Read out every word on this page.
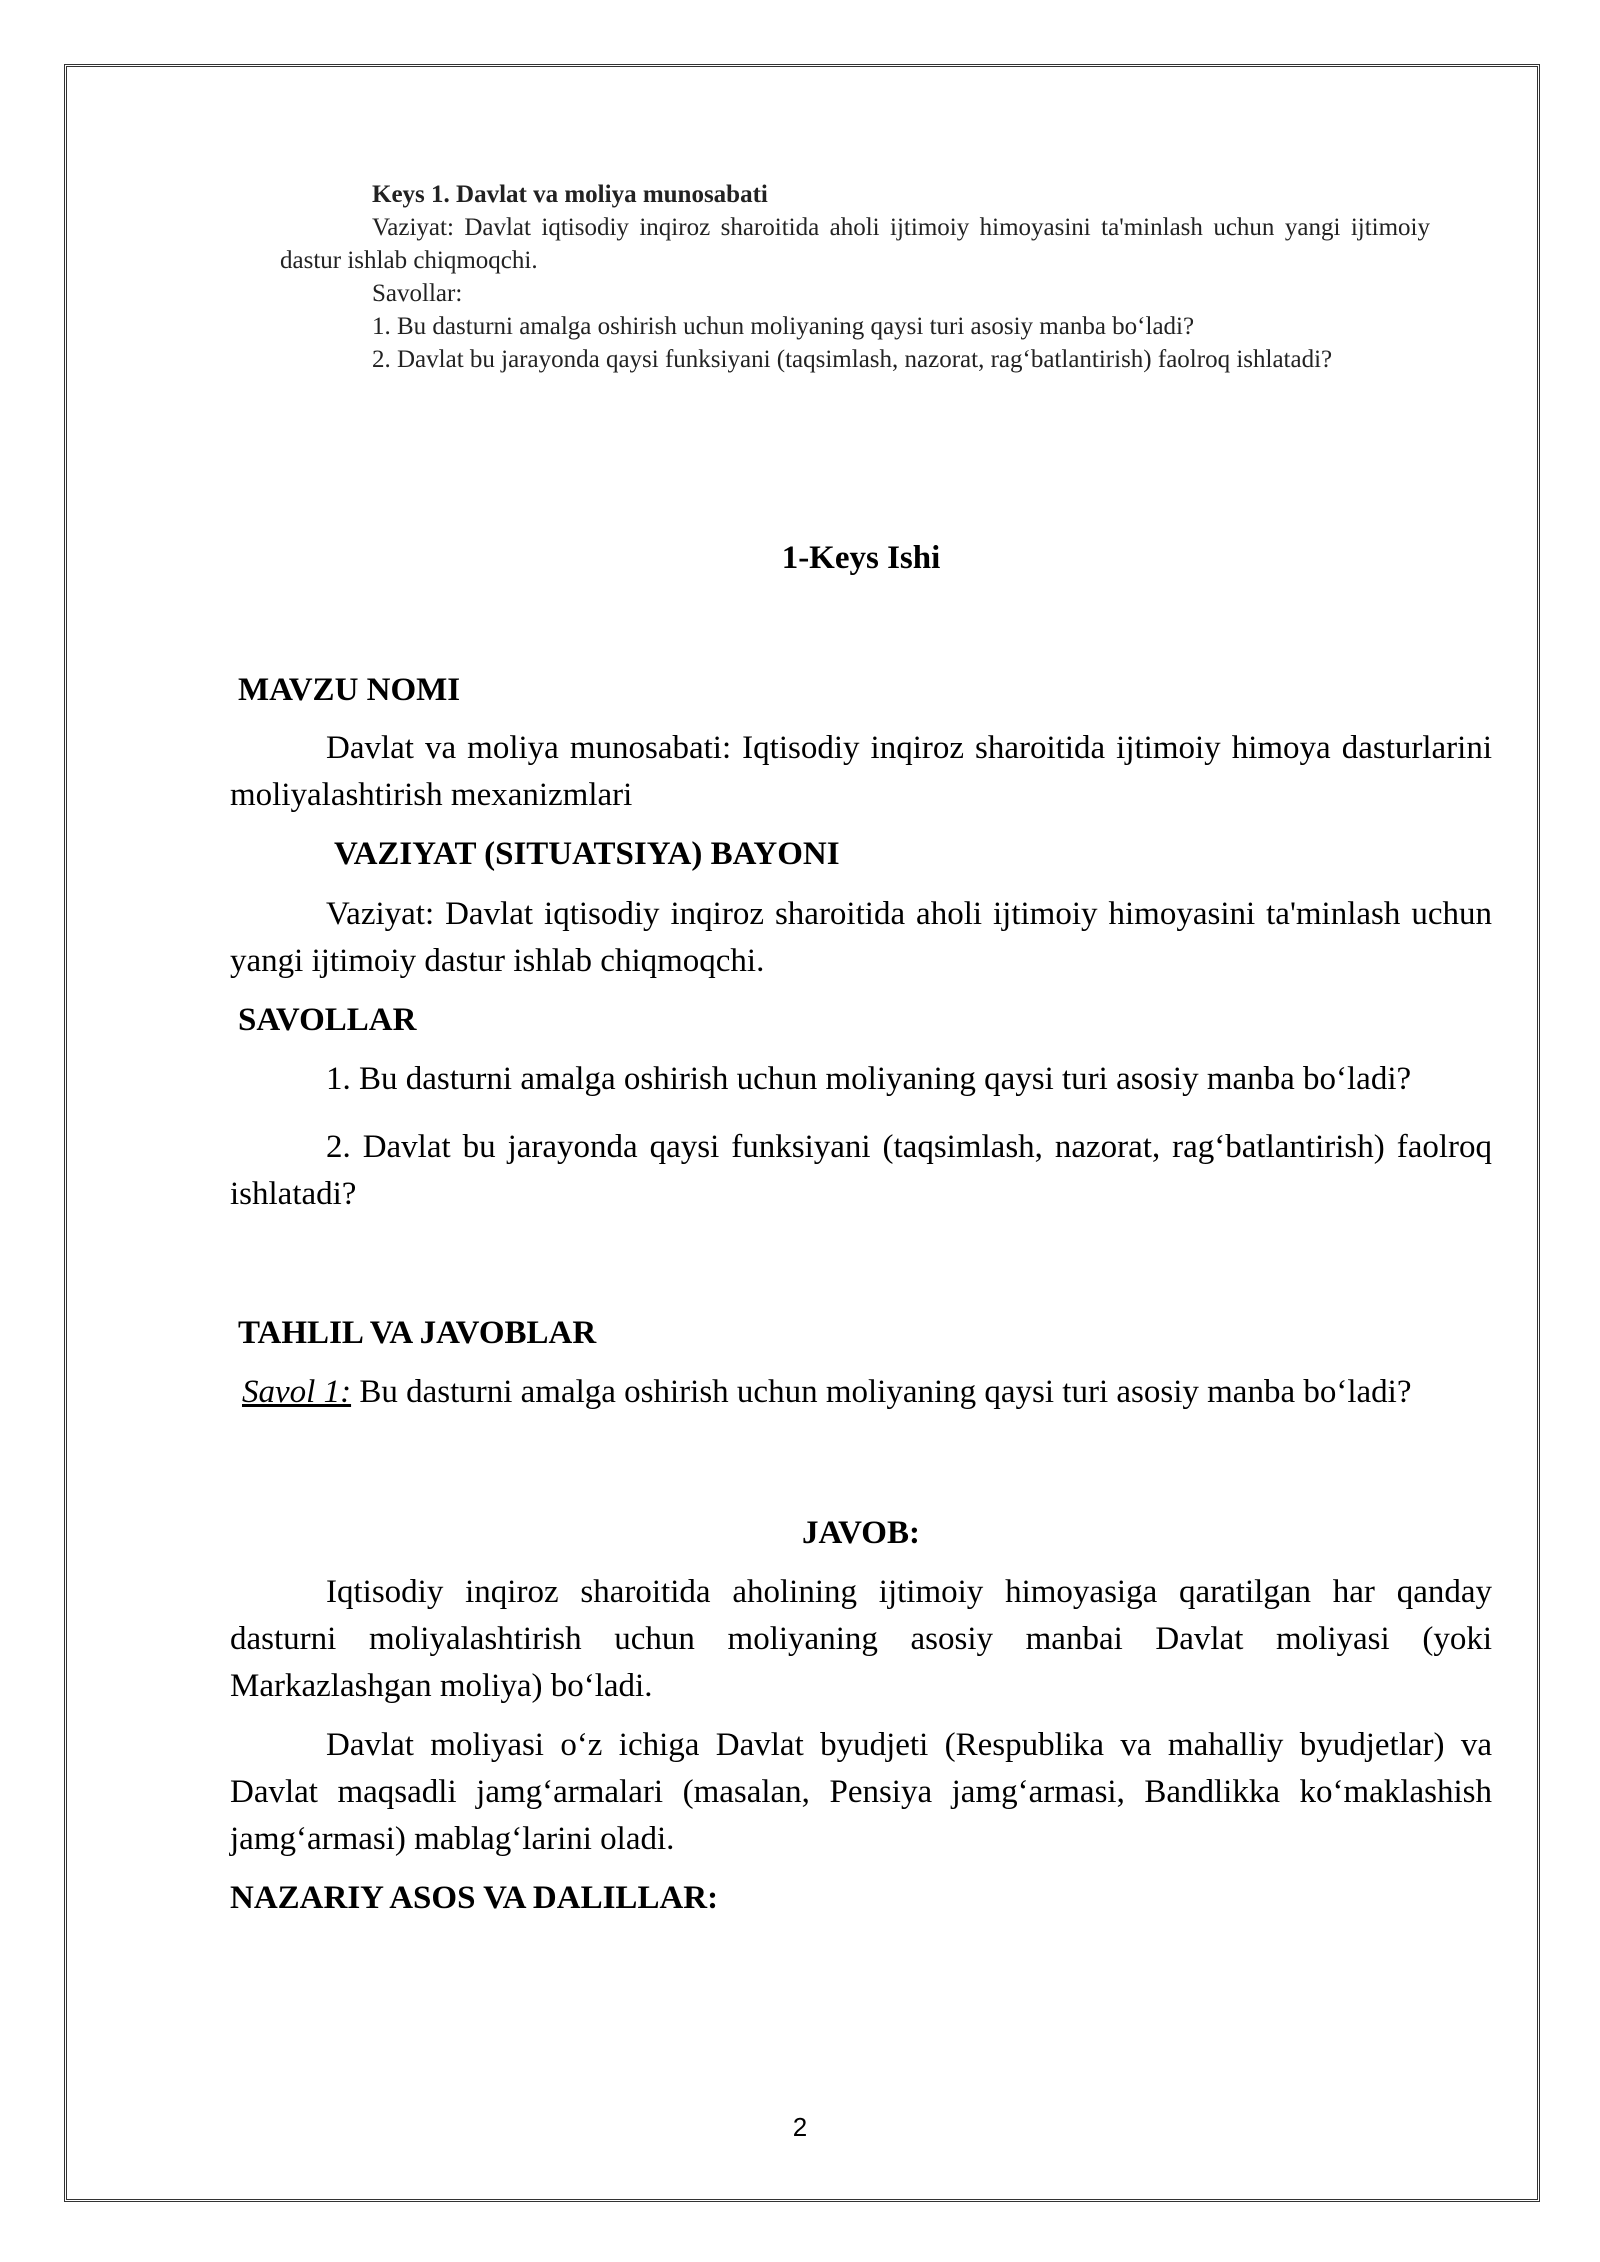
Keys 1. Davlat va moliya munosabati

Vaziyat: Davlat iqtisodiy inqiroz sharoitida aholi ijtimoiy himoyasini ta'minlash uchun yangi ijtimoiy dastur ishlab chiqmoqchi.

Savollar:

1. Bu dasturni amalga oshirish uchun moliyaning qaysi turi asosiy manba bo‘ladi?

2. Davlat bu jarayonda qaysi funksiyani (taqsimlash, nazorat, rag‘batlantirish) faolroq ishlatadi?

1-Keys Ishi

MAVZU NOMI

Davlat va moliya munosabati: Iqtisodiy inqiroz sharoitida ijtimoiy himoya dasturlarini moliyalashtirish mexanizmlari

VAZIYAT (SITUATSIYA) BAYONI

Vaziyat: Davlat iqtisodiy inqiroz sharoitida aholi ijtimoiy himoyasini ta'minlash uchun yangi ijtimoiy dastur ishlab chiqmoqchi.

SAVOLLAR

1. Bu dasturni amalga oshirish uchun moliyaning qaysi turi asosiy manba bo‘ladi?

2. Davlat bu jarayonda qaysi funksiyani (taqsimlash, nazorat, rag‘batlantirish) faolroq ishlatadi?

TAHLIL VA JAVOBLAR

Savol 1: Bu dasturni amalga oshirish uchun moliyaning qaysi turi asosiy manba bo‘ladi?

JAVOB:

Iqtisodiy inqiroz sharoitida aholining ijtimoiy himoyasiga qaratilgan har qanday dasturni moliyalashtirish uchun moliyaning asosiy manbai Davlat moliyasi (yoki Markazlashgan moliya) bo‘ladi.

Davlat moliyasi o‘z ichiga Davlat byudjeti (Respublika va mahalliy byudjetlar) va Davlat maqsadli jamg‘armalari (masalan, Pensiya jamg‘armasi, Bandlikka ko‘maklashish jamg‘armasi) mablag‘larini oladi.

NAZARIY ASOS VA DALILLAR:

2
